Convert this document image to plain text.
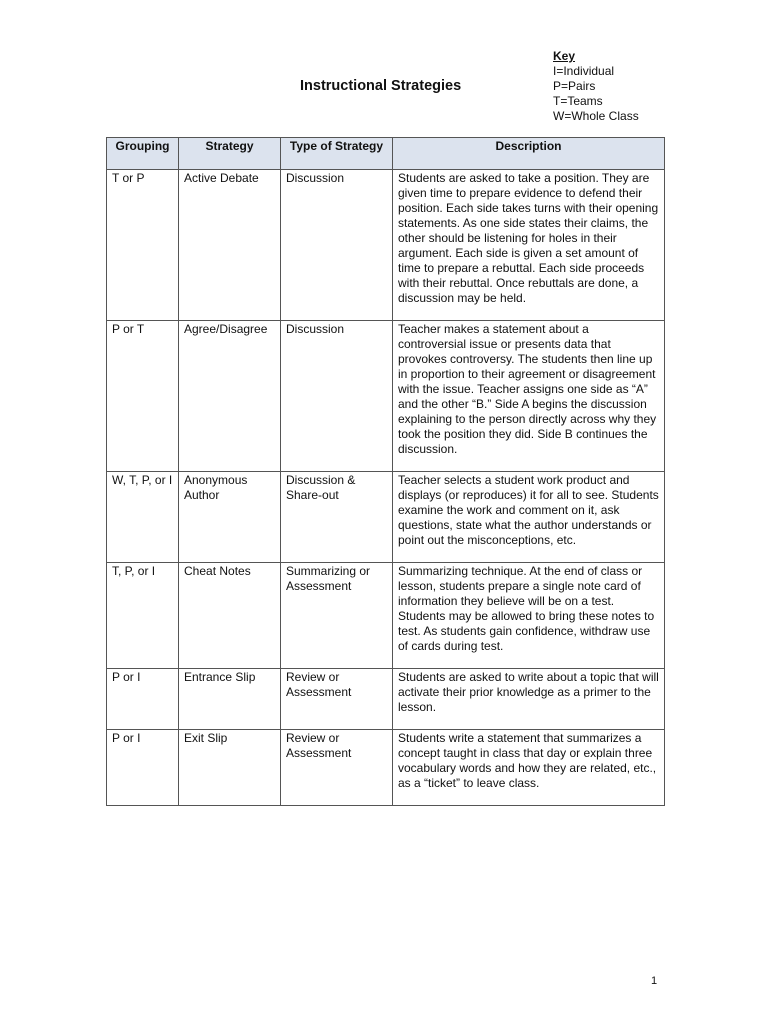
Instructional Strategies
Key
I=Individual
P=Pairs
T=Teams
W=Whole Class
Grouping	Strategy	Type of Strategy	Description
T or P	Active Debate	Discussion	Students are asked to take a position. They are given time to prepare evidence to defend their position. Each side takes turns with their opening statements. As one side states their claims, the other should be listening for holes in their argument. Each side is given a set amount of time to prepare a rebuttal. Each side proceeds with their rebuttal. Once rebuttals are done, a discussion may be held.
P or T	Agree/Disagree	Discussion	Teacher makes a statement about a controversial issue or presents data that provokes controversy. The students then line up in proportion to their agreement or disagreement with the issue. Teacher assigns one side as “A” and the other “B.” Side A begins the discussion explaining to the person directly across why they took the position they did. Side B continues the discussion.
W, T, P, or I	Anonymous Author	Discussion & Share-out	Teacher selects a student work product and displays (or reproduces) it for all to see. Students examine the work and comment on it, ask questions, state what the author understands or point out the misconceptions, etc.
T, P, or I	Cheat Notes	Summarizing or Assessment	Summarizing technique. At the end of class or lesson, students prepare a single note card of information they believe will be on a test. Students may be allowed to bring these notes to test. As students gain confidence, withdraw use of cards during test.
P or I	Entrance Slip	Review or Assessment	Students are asked to write about a topic that will activate their prior knowledge as a primer to the lesson.
P or I	Exit Slip	Review or Assessment	Students write a statement that summarizes a concept taught in class that day or explain three vocabulary words and how they are related, etc., as a “ticket” to leave class.
1
